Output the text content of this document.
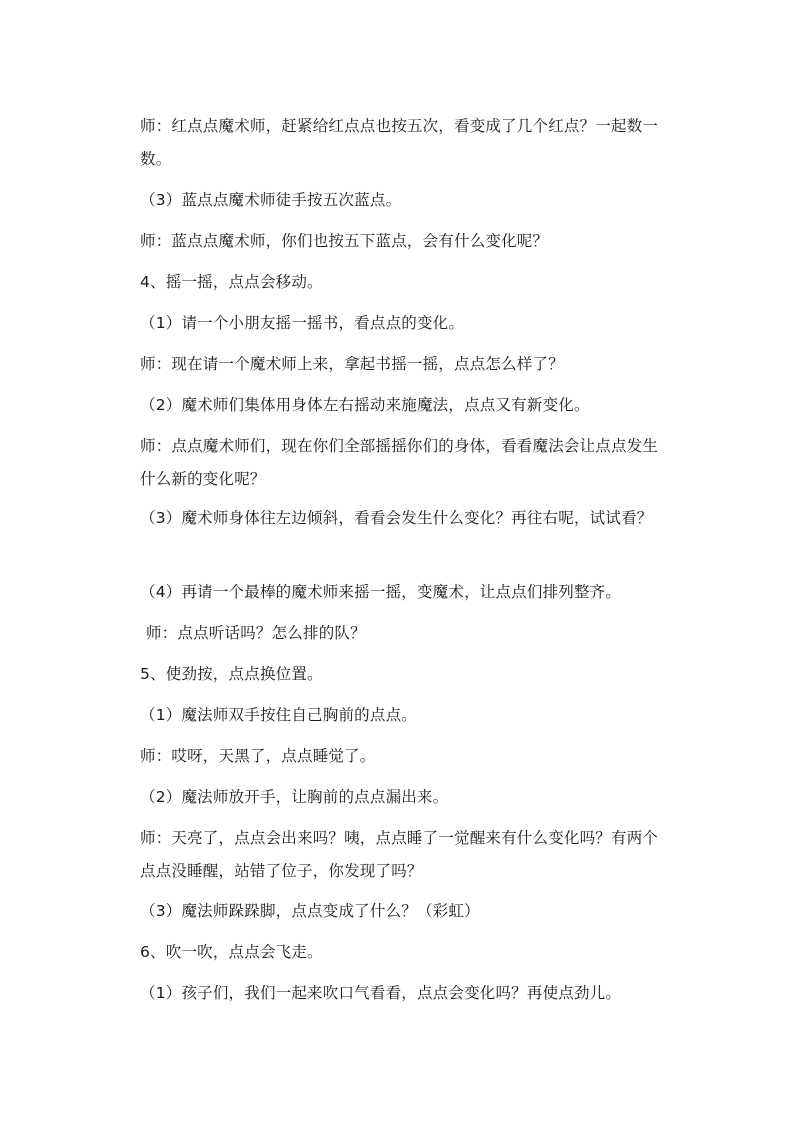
师：红点点魔术师，赶紧给红点点也按五次，看变成了几个红点？一起数一数。

（3）蓝点点魔术师徒手按五次蓝点。

师：蓝点点魔术师，你们也按五下蓝点，会有什么变化呢？

4、摇一摇，点点会移动。

（1）请一个小朋友摇一摇书，看点点的变化。

师：现在请一个魔术师上来，拿起书摇一摇，点点怎么样了？

（2）魔术师们集体用身体左右摇动来施魔法，点点又有新变化。

师：点点魔术师们，现在你们全部摇摇你们的身体，看看魔法会让点点发生什么新的变化呢？

（3）魔术师身体往左边倾斜，看看会发生什么变化？再往右呢，试试看？

（4）再请一个最棒的魔术师来摇一摇，变魔术，让点点们排列整齐。

师：点点听话吗？怎么排的队？

5、使劲按，点点换位置。

（1）魔法师双手按住自己胸前的点点。

师：哎呀，天黑了，点点睡觉了。

（2）魔法师放开手，让胸前的点点漏出来。

师：天亮了，点点会出来吗？咦，点点睡了一觉醒来有什么变化吗？有两个点点没睡醒，站错了位子，你发现了吗？

（3）魔法师跺跺脚，点点变成了什么？（彩虹）

6、吹一吹，点点会飞走。

（1）孩子们，我们一起来吹口气看看，点点会变化吗？再使点劲儿。
